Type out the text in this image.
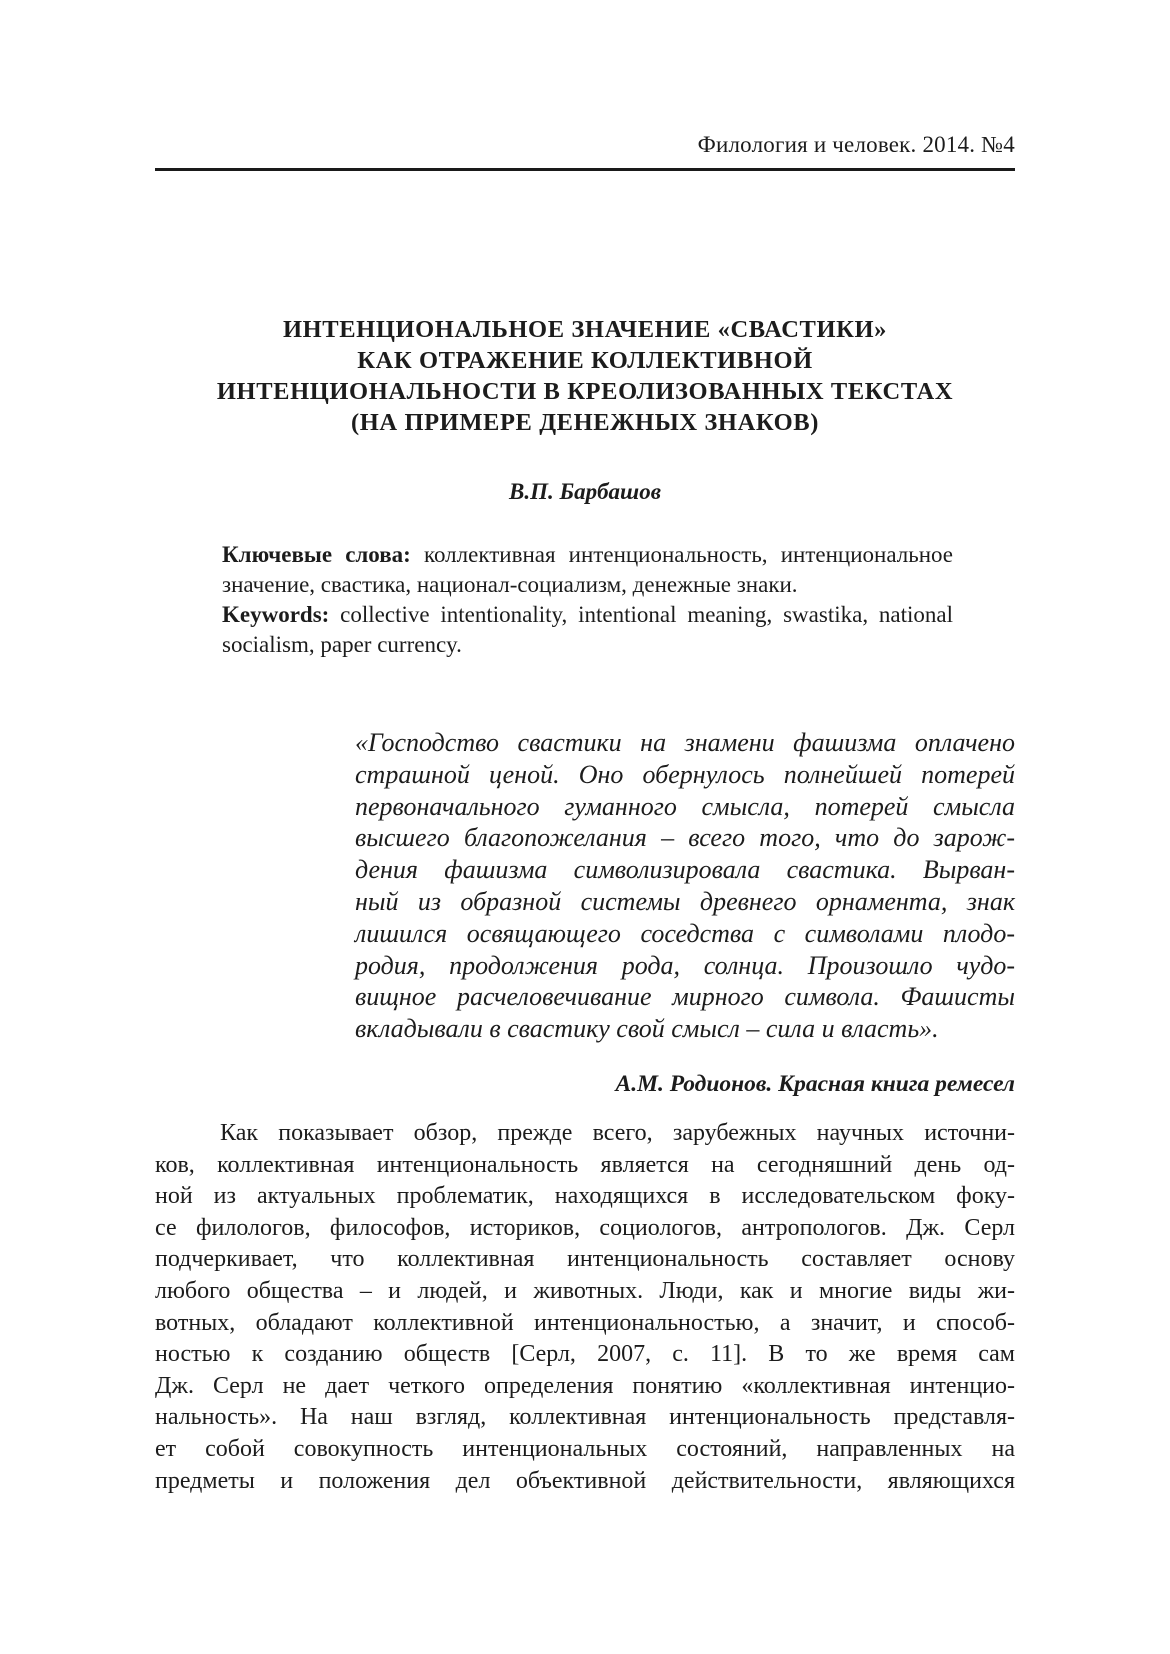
Филология и человек. 2014. №4
ИНТЕНЦИОНАЛЬНОЕ ЗНАЧЕНИЕ «СВАСТИКИ»
КАК ОТРАЖЕНИЕ КОЛЛЕКТИВНОЙ
ИНТЕНЦИОНАЛЬНОСТИ В КРЕОЛИЗОВАННЫХ ТЕКСТАХ
(НА ПРИМЕРЕ ДЕНЕЖНЫХ ЗНАКОВ)
В.П. Барбашов

Ключевые слова: коллективная интенциональность, интенциональное значение, свастика, национал-социализм, денежные знаки.

Keywords: collective intentionality, intentional meaning, swastika, national socialism, paper currency.

«Господство свастики на знамени фашизма оплачено
страшной ценой. Оно обернулось полнейшей потерей
первоначального гуманного смысла, потерей смысла
высшего благопожелания – всего того, что до зарож-
дения фашизма символизировала свастика. Вырван-
ный из образной системы древнего орнамента, знак
лишился освящающего соседства с символами плодо-
родия, продолжения рода, солнца. Произошло чудо-
вищное расчеловечивание мирного символа. Фашисты
вкладывали в свастику свой смысл – сила и власть».
А.М. Родионов. Красная книга ремесел
Как показывает обзор, прежде всего, зарубежных научных источни-
ков, коллективная интенциональность является на сегодняшний день од-
ной из актуальных проблематик, находящихся в исследовательском фоку-
се филологов, философов, историков, социологов, антропологов. Дж. Серл
подчеркивает, что коллективная интенциональность составляет основу
любого общества – и людей, и животных. Люди, как и многие виды жи-
вотных, обладают коллективной интенциональностью, а значит, и способ-
ностью к созданию обществ [Серл, 2007, с. 11]. В то же время сам
Дж. Серл не дает четкого определения понятию «коллективная интенцио-
нальность». На наш взгляд, коллективная интенциональность представля-
ет собой совокупность интенциональных состояний, направленных на
предметы и положения дел объективной действительности, являющихся
